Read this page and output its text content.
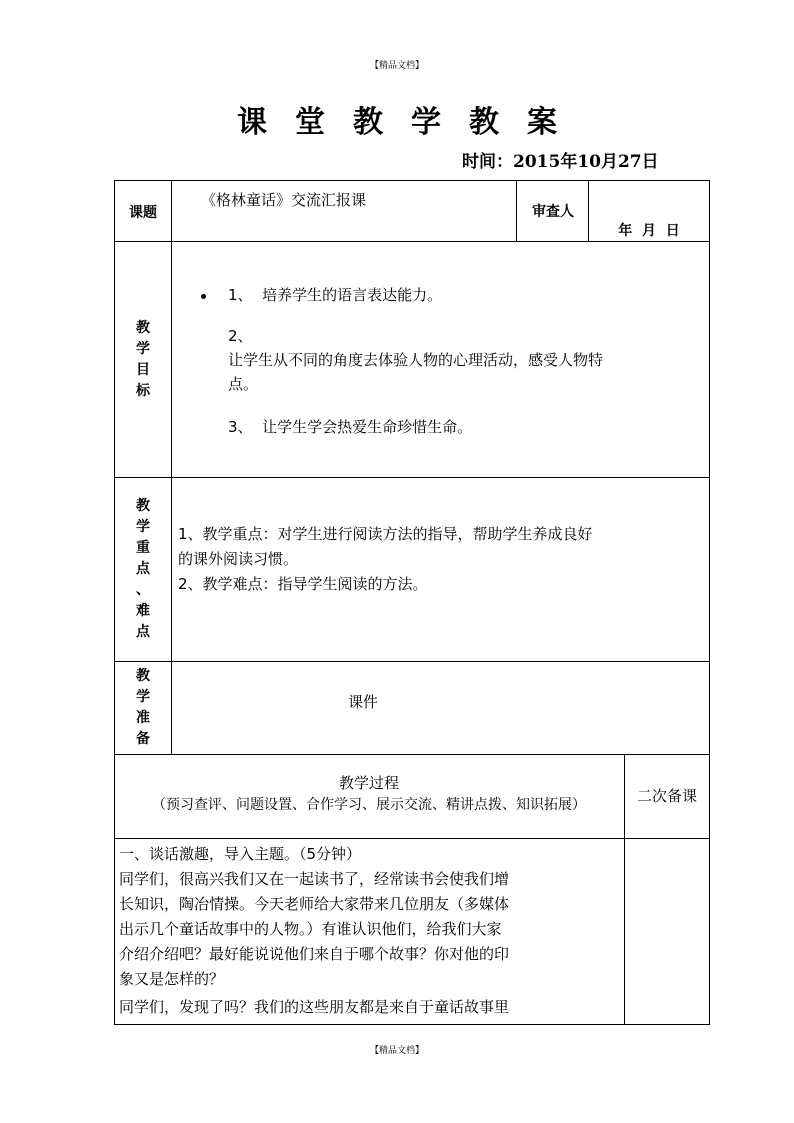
【精品文档】
【精品文档】
课堂教学教案
时间：2015年10月27日
课题
《格林童话》交流汇报课
审查人
年  月  日
教
学
目
标
1、  培养学生的语言表达能力。
2、
让学生从不同的角度去体验人物的心理活动，感受人物特
点。
3、  让学生学会热爱生命珍惜生命。
教
学
重
点
、
难
点
1、教学重点：对学生进行阅读方法的指导，帮助学生养成良好
的课外阅读习惯。
2、教学难点：指导学生阅读的方法。
教
学
准
备
课件
教学过程
（预习查评、问题设置、合作学习、展示交流、精讲点拨、知识拓展）	二次备课
一、谈话激趣，导入主题。（5分钟）
同学们，很高兴我们又在一起读书了，经常读书会使我们增
长知识，陶冶情操。今天老师给大家带来几位朋友（多媒体
出示几个童话故事中的人物。）有谁认识他们，给我们大家
介绍介绍吧？最好能说说他们来自于哪个故事？你对他的印
象又是怎样的？
同学们，发现了吗？我们的这些朋友都是来自于童话故事里
